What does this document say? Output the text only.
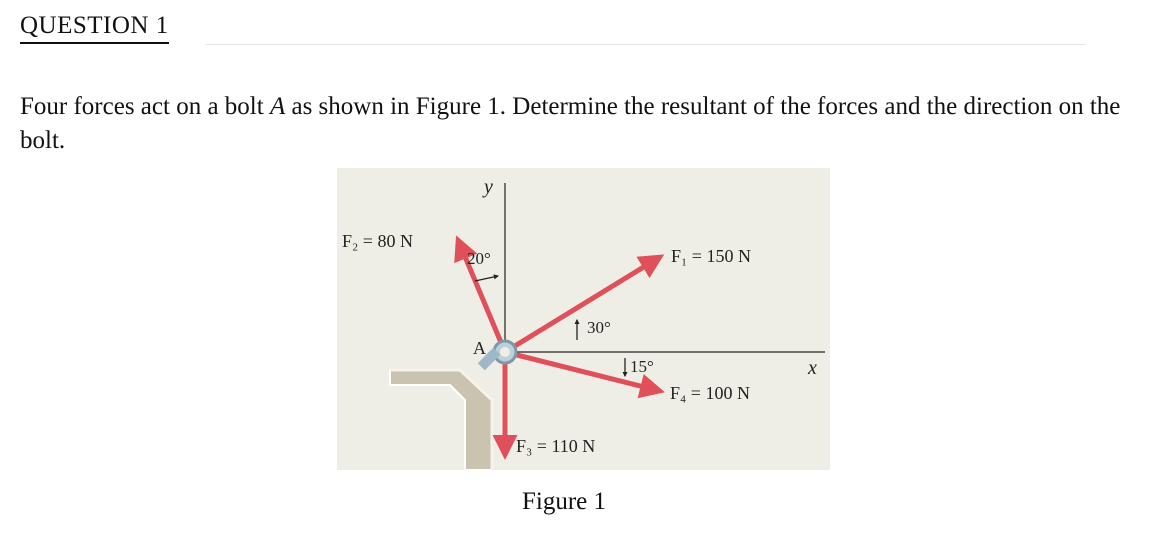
QUESTION 1
Four forces act on a bolt A as shown in Figure 1. Determine the resultant of the forces and the direction on the bolt.
y
x
A
F₂ = 80 N
F₁ = 150 N
F₃ = 110 N
F₄ = 100 N
20°
30°
15°
Figure 1
